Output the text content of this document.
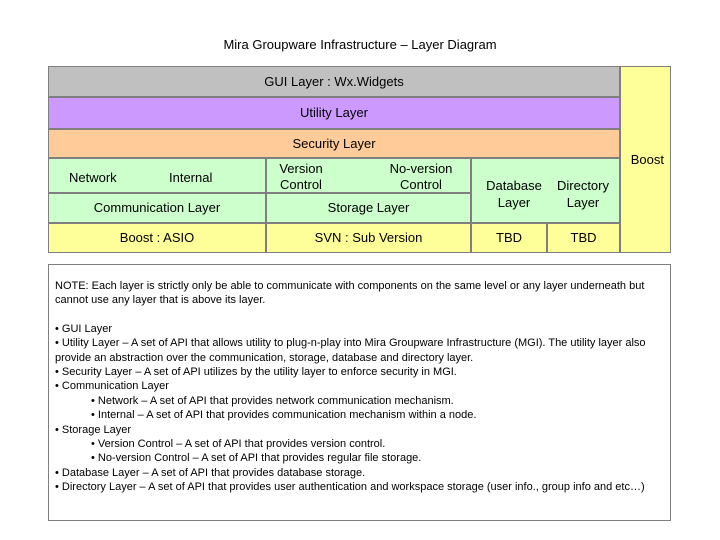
Mira Groupware Infrastructure – Layer Diagram
GUI Layer : Wx.Widgets
Utility Layer
Security Layer
Boost
Network	Internal
Communication Layer
Boost : ASIO
Version Control
No-version Control
Storage Layer
SVN : Sub Version
Database Layer
Directory Layer
TBD	TBD

NOTE: Each layer is strictly only be able to communicate with components on the same level or any layer underneath but cannot use any layer that is above its layer.

• GUI Layer

• Utility Layer – A set of API that allows utility to plug-n-play into Mira Groupware Infrastructure (MGI). The utility layer also provide an abstraction over the communication, storage, database and directory layer.

• Security Layer – A set of API utilizes by the utility layer to enforce security in MGI.

• Communication Layer

• Network – A set of API that provides network communication mechanism.

• Internal – A set of API that provides communication mechanism within a node.

• Storage Layer

• Version Control – A set of API that provides version control.

• No-version Control – A set of API that provides regular file storage.

• Database Layer – A set of API that provides database storage.

• Directory Layer – A set of API that provides user authentication and workspace storage (user info., group info and etc…)
